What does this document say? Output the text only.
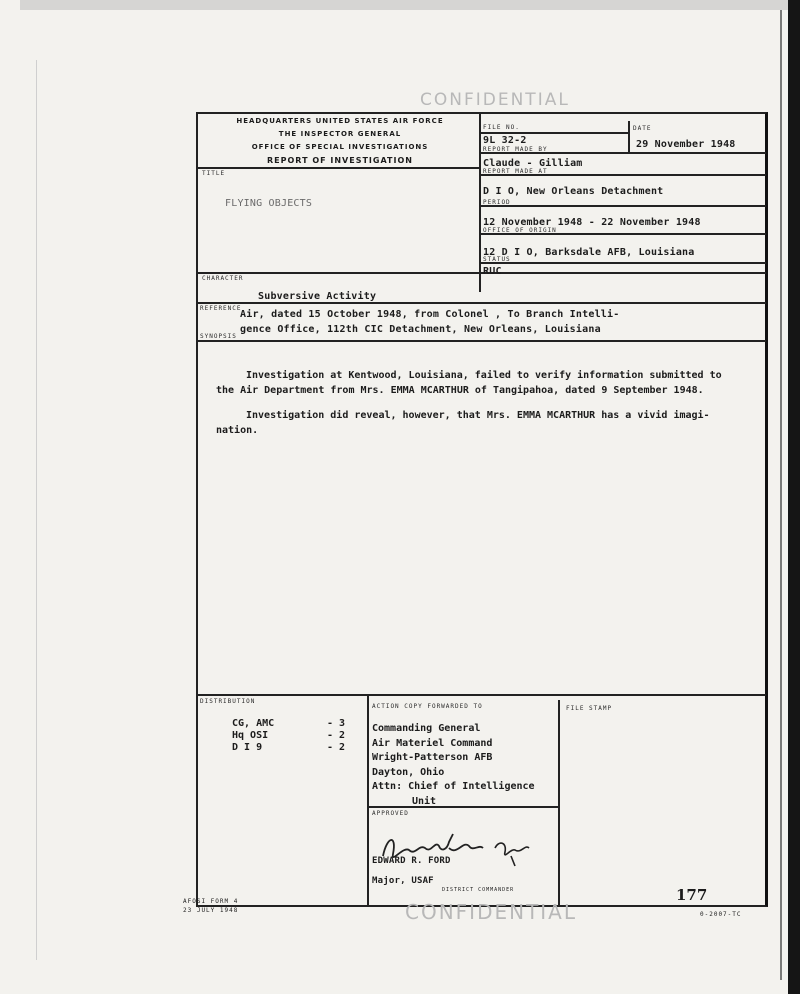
CONFIDENTIAL
HEADQUARTERS UNITED STATES AIR FORCE
THE INSPECTOR GENERAL
OFFICE OF SPECIAL INVESTIGATIONS
REPORT OF INVESTIGATION
FILE NO.
9L 32-2
DATE
29 November 1948
REPORT MADE BY
Claude - Gilliam
REPORT MADE AT
D I O, New Orleans Detachment
PERIOD
12 November 1948 - 22 November 1948
OFFICE OF ORIGIN
12 D I O, Barksdale AFB, Louisiana
STATUS
RUC
TITLE
FLYING OBJECTS
CHARACTER
Subversive Activity
REFERENCE
Air, dated 15 October 1948, from Colonel , To Branch Intelli-
gence Office, 112th CIC Detachment, New Orleans, Louisiana
SYNOPSIS
Investigation at Kentwood, Louisiana, failed to verify information submitted to
the Air Department from Mrs. EMMA MCARTHUR of Tangipahoa, dated 9 September 1948.
Investigation did reveal, however, that Mrs. EMMA MCARTHUR has a vivid imagi-
nation.
DISTRIBUTION
CG, AMC	- 3
Hq OSI	- 2
D I 9	- 2
ACTION COPY FORWARDED TO
Commanding General
Air Materiel Command
Wright-Patterson AFB
Dayton, Ohio
Attn: Chief of Intelligence
Unit
FILE STAMP
APPROVED
EDWARD R. FORD
Major, USAF
DISTRICT COMMANDER	177
AFOSI FORM 4
23 JULY 1948	CONFIDENTIAL	0-2007-TC
